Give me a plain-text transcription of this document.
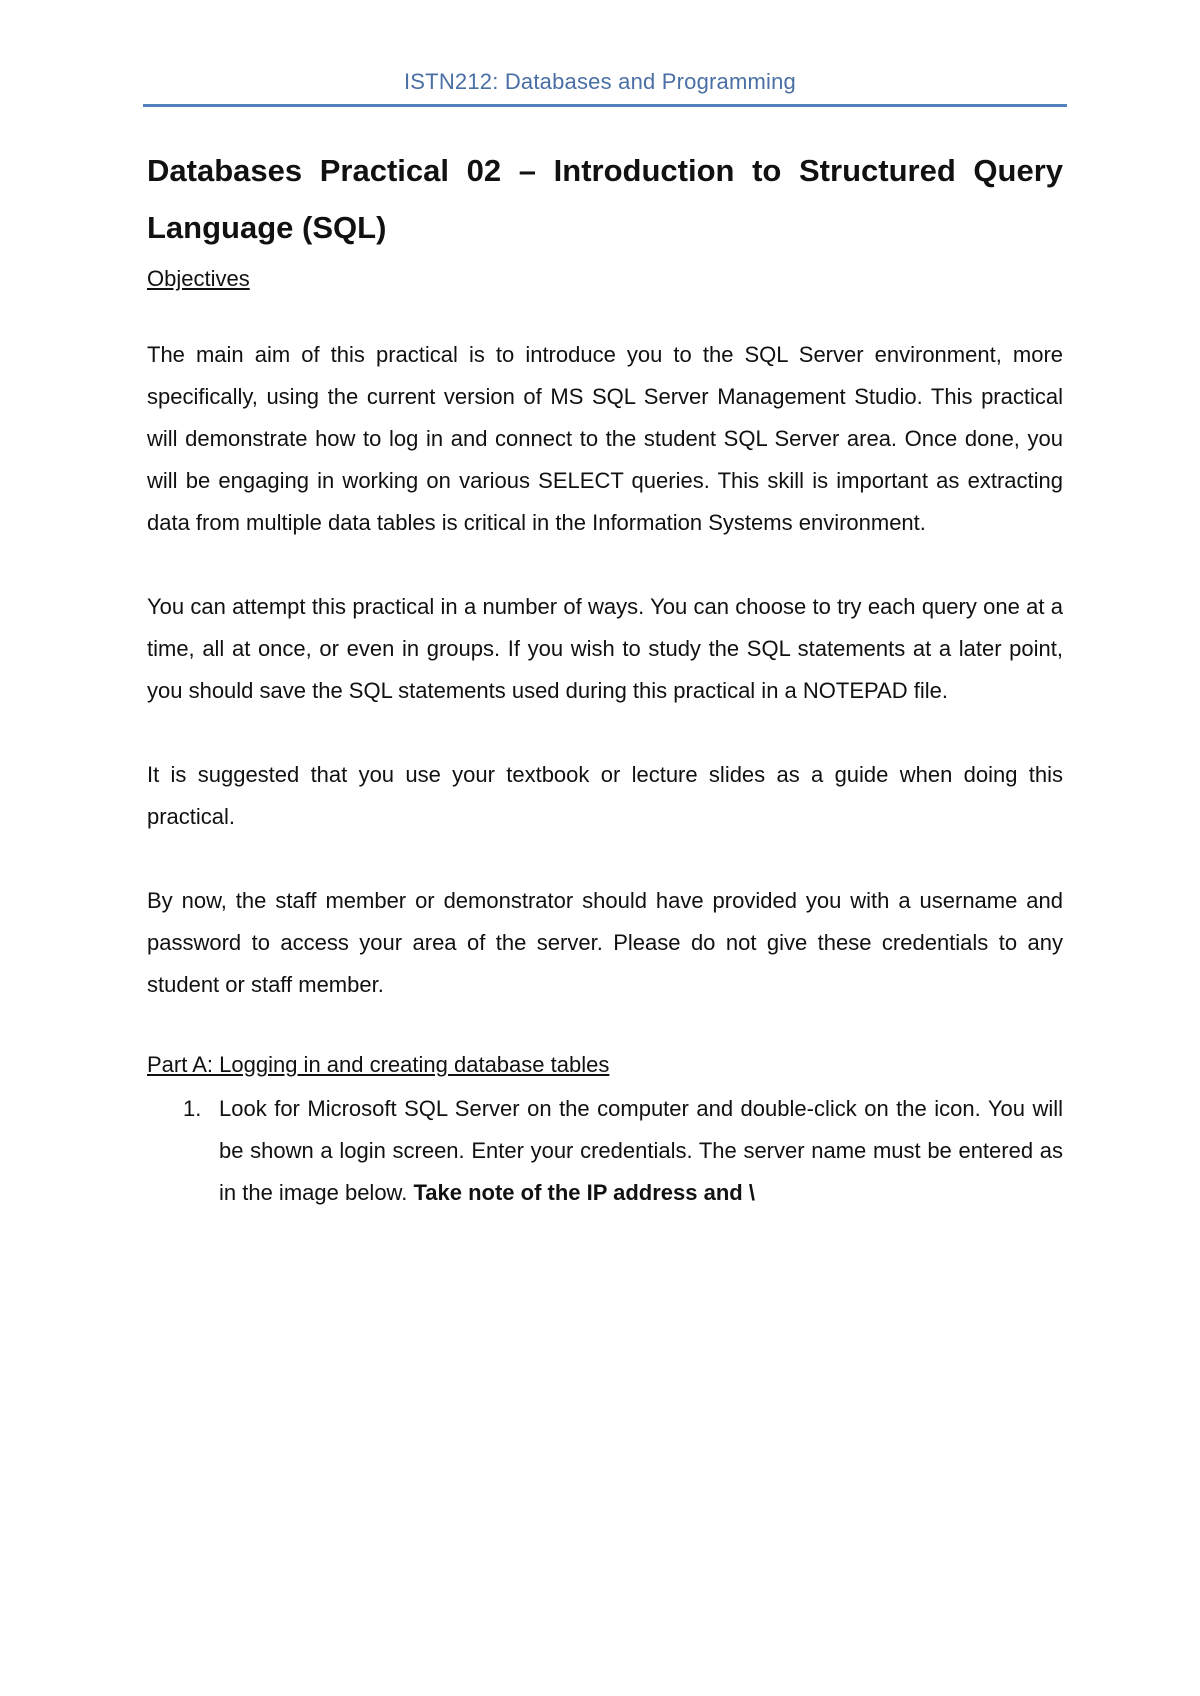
ISTN212: Databases and Programming
Databases Practical 02 – Introduction to Structured Query Language (SQL)
Objectives

The main aim of this practical is to introduce you to the SQL Server environment, more specifically, using the current version of MS SQL Server Management Studio. This practical will demonstrate how to log in and connect to the student SQL Server area. Once done, you will be engaging in working on various SELECT queries. This skill is important as extracting data from multiple data tables is critical in the Information Systems environment.

You can attempt this practical in a number of ways. You can choose to try each query one at a time, all at once, or even in groups. If you wish to study the SQL statements at a later point, you should save the SQL statements used during this practical in a NOTEPAD file.

It is suggested that you use your textbook or lecture slides as a guide when doing this practical.

By now, the staff member or demonstrator should have provided you with a username and password to access your area of the server. Please do not give these credentials to any student or staff member.

Part A: Logging in and creating database tables
1. Look for Microsoft SQL Server on the computer and double-click on the icon. You will be shown a login screen. Enter your credentials. The server name must be entered as in the image below. Take note of the IP address and \
